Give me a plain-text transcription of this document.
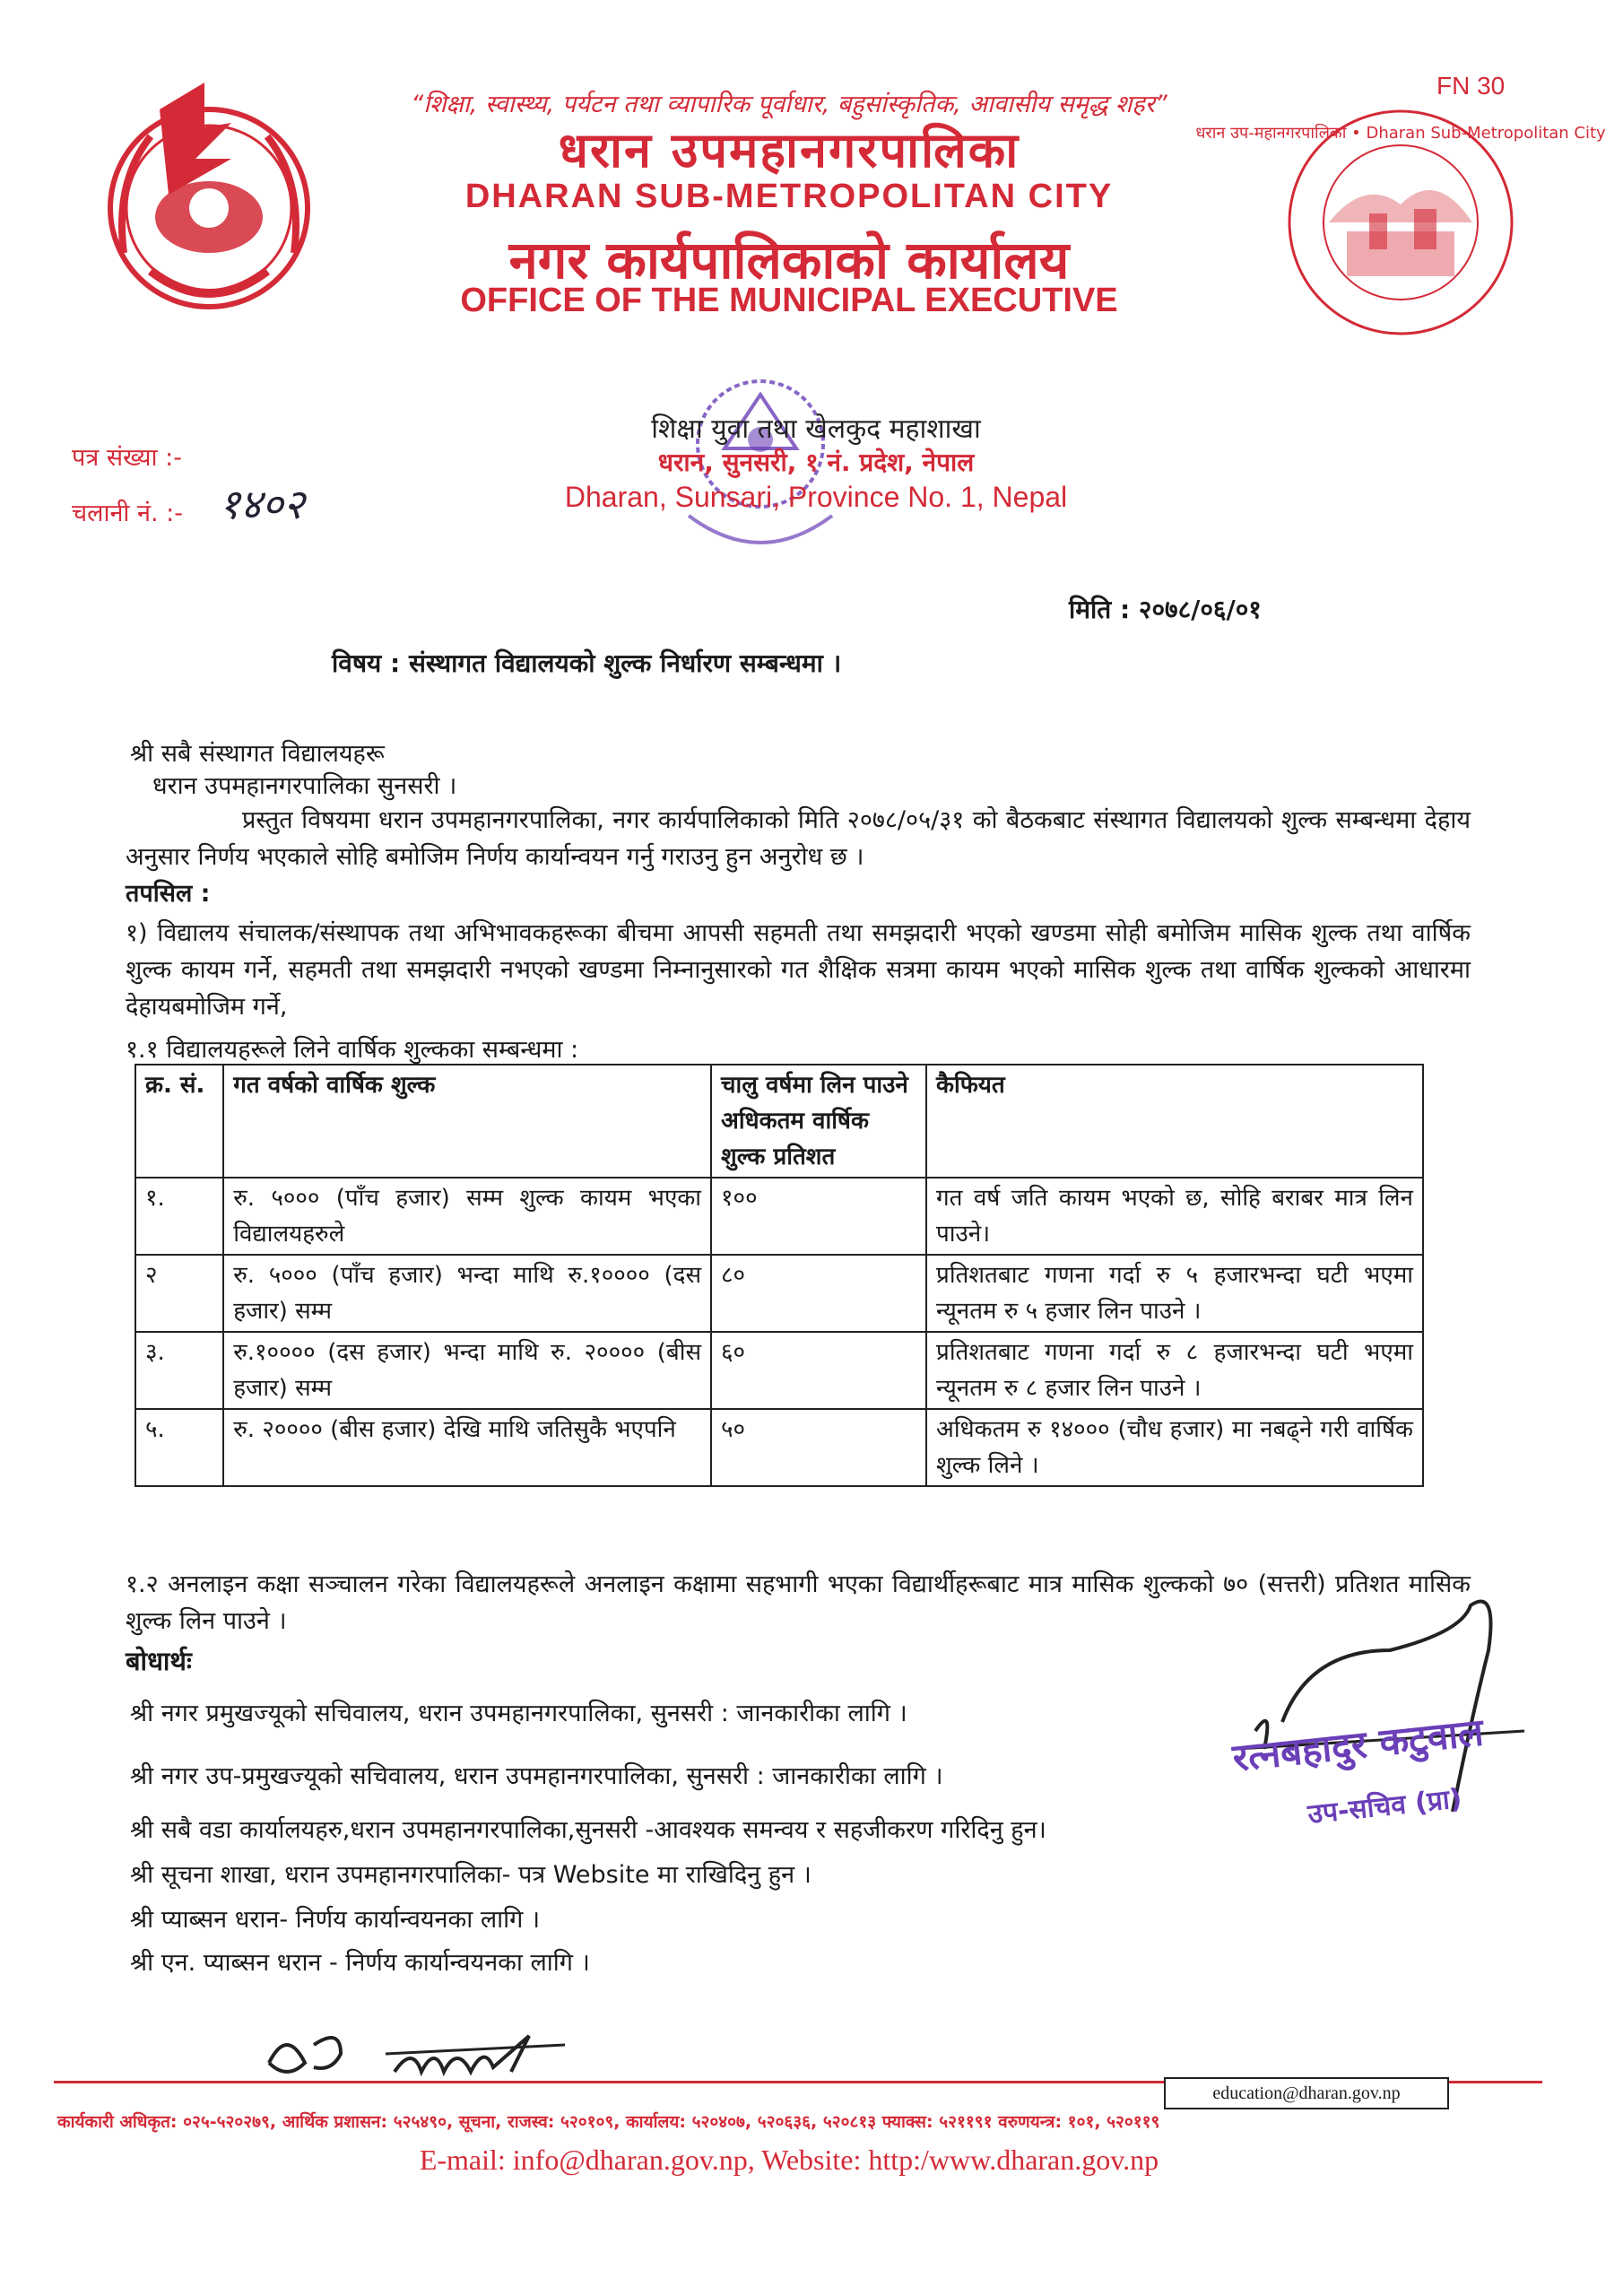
FN 30
“शिक्षा, स्वास्थ्य, पर्यटन तथा व्यापारिक पूर्वाधार, बहुसांस्कृतिक, आवासीय समृद्ध शहर”
धरान उपमहानगरपालिका
DHARAN SUB-METROPOLITAN CITY
नगर कार्यपालिकाको कार्यालय
OFFICE OF THE MUNICIPAL EXECUTIVE
धरान उप-महानगरपालिका • Dharan Sub-Metropolitan City
शिक्षा युवा तथा खेलकुद महाशाखा
धरान, सुनसरी, १ नं. प्रदेश, नेपाल
Dharan, Sunsari, Province No. 1, Nepal
पत्र संख्या :-
चलानी नं. :- १४०२
मिति : २०७८/०६/०१
विषय : संस्थागत विद्यालयको शुल्क निर्धारण सम्बन्धमा ।
श्री सबै संस्थागत विद्यालयहरू
धरान उपमहानगरपालिका सुनसरी ।
प्रस्तुत विषयमा धरान उपमहानगरपालिका, नगर कार्यपालिकाको मिति २०७८/०५/३१ को बैठकबाट संस्थागत विद्यालयको शुल्क सम्बन्धमा देहाय अनुसार निर्णय भएकाले सोहि बमोजिम निर्णय कार्यान्वयन गर्नु गराउनु हुन अनुरोध छ ।
तपसिल :
१) विद्यालय संचालक/संस्थापक तथा अभिभावकहरूका बीचमा आपसी सहमती तथा समझदारी भएको खण्डमा सोही बमोजिम मासिक शुल्क तथा वार्षिक शुल्क कायम गर्ने, सहमती तथा समझदारी नभएको खण्डमा निम्नानुसारको गत शैक्षिक सत्रमा कायम भएको मासिक शुल्क तथा वार्षिक शुल्कको आधारमा देहायबमोजिम गर्ने,
१.१ विद्यालयहरूले लिने वार्षिक शुल्कका सम्बन्धमा :
क्र. सं.	गत वर्षको वार्षिक शुल्क	चालु वर्षमा लिन पाउने अधिकतम वार्षिक शुल्क प्रतिशत	कैफियत
१.	रु. ५००० (पाँच हजार) सम्म शुल्क कायम भएका विद्यालयहरुले	१००	गत वर्ष जति कायम भएको छ, सोहि बराबर मात्र लिन पाउने।
२	रु. ५००० (पाँच हजार) भन्दा माथि रु.१०००० (दस हजार) सम्म	८०	प्रतिशतबाट गणना गर्दा रु ५ हजारभन्दा घटी भएमा न्यूनतम रु ५ हजार लिन पाउने ।
३.	रु.१०००० (दस हजार) भन्दा माथि रु. २०००० (बीस हजार) सम्म	६०	प्रतिशतबाट गणना गर्दा रु ८ हजारभन्दा घटी भएमा न्यूनतम रु ८ हजार लिन पाउने ।
५.	रु. २०००० (बीस हजार) देखि माथि जतिसुकै भएपनि	५०	अधिकतम रु १४००० (चौध हजार) मा नबढ्ने गरी वार्षिक शुल्क लिने ।
१.२ अनलाइन कक्षा सञ्चालन गरेका विद्यालयहरूले अनलाइन कक्षामा सहभागी भएका विद्यार्थीहरूबाट मात्र मासिक शुल्कको ७० (सत्तरी) प्रतिशत मासिक शुल्क लिन पाउने ।
बोधार्थः
श्री नगर प्रमुखज्यूको सचिवालय, धरान उपमहानगरपालिका, सुनसरी : जानकारीका लागि ।
श्री नगर उप-प्रमुखज्यूको सचिवालय, धरान उपमहानगरपालिका, सुनसरी : जानकारीका लागि ।
श्री सबै वडा कार्यालयहरु,धरान उपमहानगरपालिका,सुनसरी -आवश्यक समन्वय र सहजीकरण गरिदिनु हुन।
श्री सूचना शाखा, धरान उपमहानगरपालिका- पत्र Website मा राखिदिनु हुन ।
श्री प्याब्सन धरान- निर्णय कार्यान्वयनका लागि ।
श्री एन. प्याब्सन धरान - निर्णय कार्यान्वयनका लागि ।
रत्नबहादुर कटुवाल
उप-सचिव (प्रा)
education@dharan.gov.np
कार्यकारी अधिकृत: ०२५-५२०२७९, आर्थिक प्रशासन: ५२५४९०, सूचना, राजस्व: ५२०१०९, कार्यालय: ५२०४०७, ५२०६३६, ५२०८१३ फ्याक्स: ५२११९१ वरुणयन्त्र: १०१, ५२०११९
E-mail: info@dharan.gov.np, Website: http:/www.dharan.gov.np
